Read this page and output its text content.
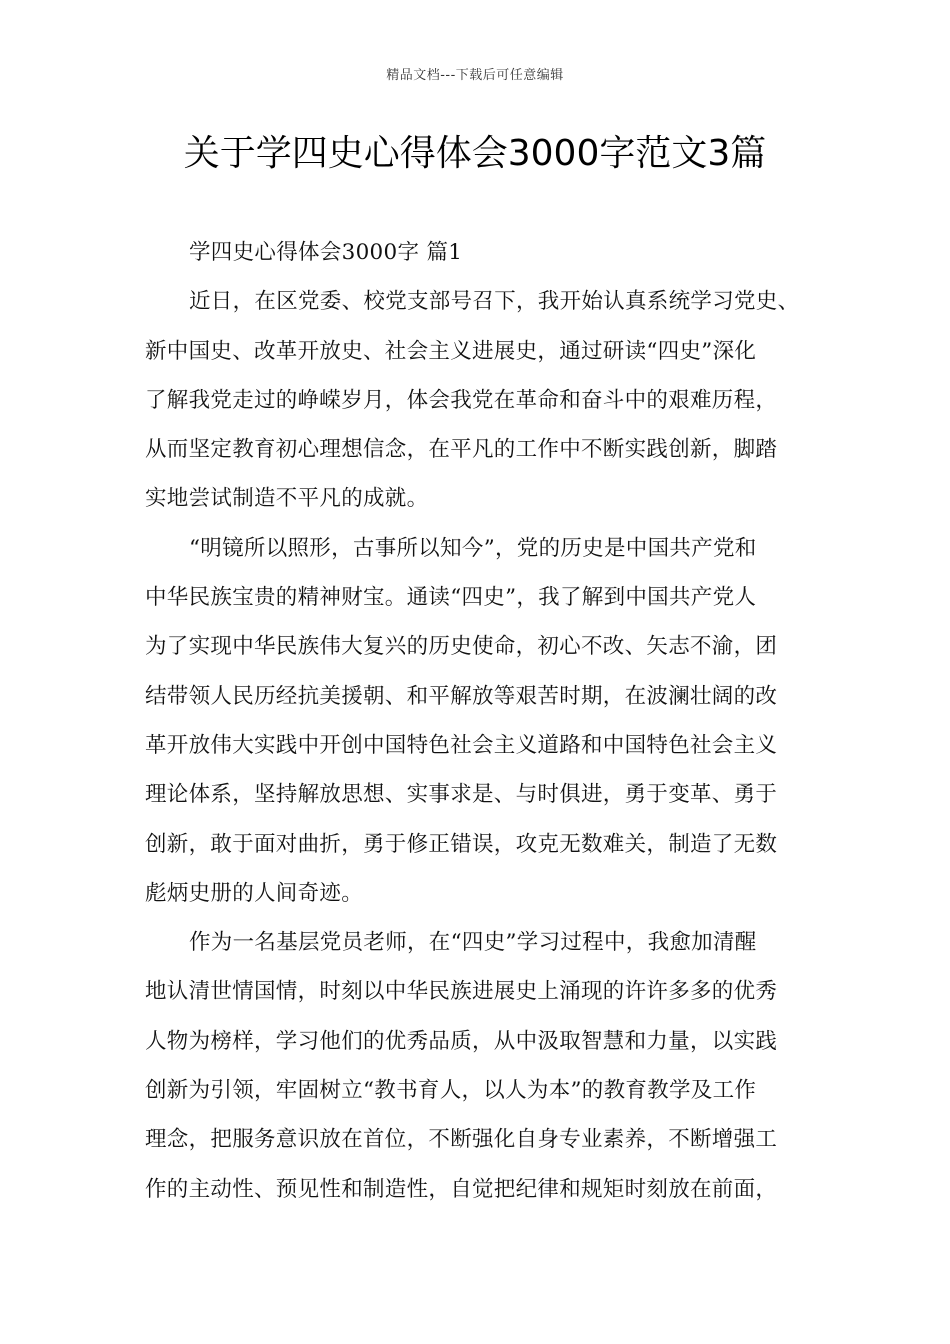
精品文档---下载后可任意编辑
关于学四史心得体会3000字范文3篇
学四史心得体会3000字 篇1
近日，在区党委、校党支部号召下，我开始认真系统学习党史、
新中国史、改革开放史、社会主义进展史，通过研读“四史”深化
了解我党走过的峥嵘岁月，体会我党在革命和奋斗中的艰难历程，
从而坚定教育初心理想信念，在平凡的工作中不断实践创新，脚踏
实地尝试制造不平凡的成就。
“明镜所以照形，古事所以知今”，党的历史是中国共产党和
中华民族宝贵的精神财宝。通读“四史”，我了解到中国共产党人
为了实现中华民族伟大复兴的历史使命，初心不改、矢志不渝，团
结带领人民历经抗美援朝、和平解放等艰苦时期，在波澜壮阔的改
革开放伟大实践中开创中国特色社会主义道路和中国特色社会主义
理论体系，坚持解放思想、实事求是、与时俱进，勇于变革、勇于
创新，敢于面对曲折，勇于修正错误，攻克无数难关，制造了无数
彪炳史册的人间奇迹。
作为一名基层党员老师，在“四史”学习过程中，我愈加清醒
地认清世情国情，时刻以中华民族进展史上涌现的许许多多的优秀
人物为榜样，学习他们的优秀品质，从中汲取智慧和力量，以实践
创新为引领，牢固树立“教书育人，以人为本”的教育教学及工作
理念，把服务意识放在首位，不断强化自身专业素养，不断增强工
作的主动性、预见性和制造性，自觉把纪律和规矩时刻放在前面，
